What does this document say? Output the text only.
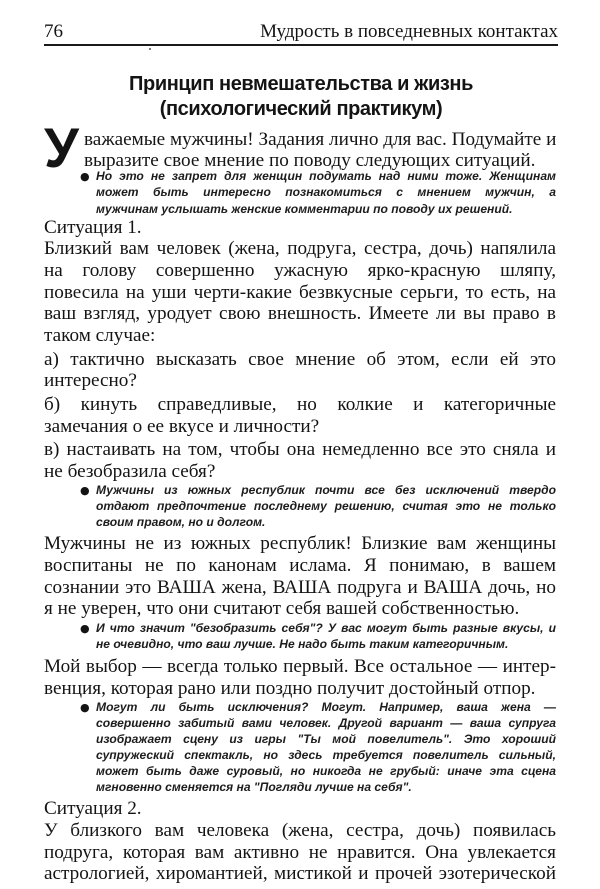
76	Мудрость в повседневных контактах
Принцип невмешательства и жизнь
(психологический практикум)
У важаемые мужчины! Задания лично для вас. Подумайте и
выразите свое мнение по поводу следующих ситуаций.
● Но это не запрет для женщин подумать над ними тоже. Женщинам
может быть интересно познакомиться с мнением мужчин, а
мужчинам услышать женские комментарии по поводу их решений.
Ситуация 1.
Близкий вам человек (жена, подруга, сестра, дочь) напялила
на голову совершенно ужасную ярко-красную шляпу,
повесила на уши черти-какие безвкусные серьги, то есть, на
ваш взгляд, уродует свою внешность. Имеете ли вы право в
таком случае:
а) тактично высказать свое мнение об этом, если ей это
интересно?
б) кинуть справедливые, но колкие и категоричные
замечания о ее вкусе и личности?
в) настаивать на том, чтобы она немедленно все это сняла и
не безобразила себя?
● Мужчины из южных республик почти все без исключений твердо
отдают предпочтение последнему решению, считая это не только
своим правом, но и долгом.
Мужчины не из южных республик! Близкие вам женщины
воспитаны не по канонам ислама. Я понимаю, в вашем
сознании это ВАША жена, ВАША подруга и ВАША дочь, но
я не уверен, что они считают себя вашей собственностью.
● И что значит "безобразить себя"? У вас могут быть разные вкусы, и
не очевидно, что ваш лучше. Не надо быть таким категоричным.
Мой выбор — всегда только первый. Все остальное — интер-
венция, которая рано или поздно получит достойный отпор.
● Могут ли быть исключения? Могут. Например, ваша жена —
совершенно забитый вами человек. Другой вариант — ваша супруга
изображает сцену из игры "Ты мой повелитель". Это хороший
супружеский спектакль, но здесь требуется повелитель сильный,
может быть даже суровый, но никогда не грубый: иначе эта сцена
мгновенно сменяется на "Погляди лучше на себя".
Ситуация 2.
У близкого вам человека (жена, сестра, дочь) появилась
подруга, которая вам активно не нравится. Она увлекается
астрологией, хиромантией, мистикой и прочей эзотерической
